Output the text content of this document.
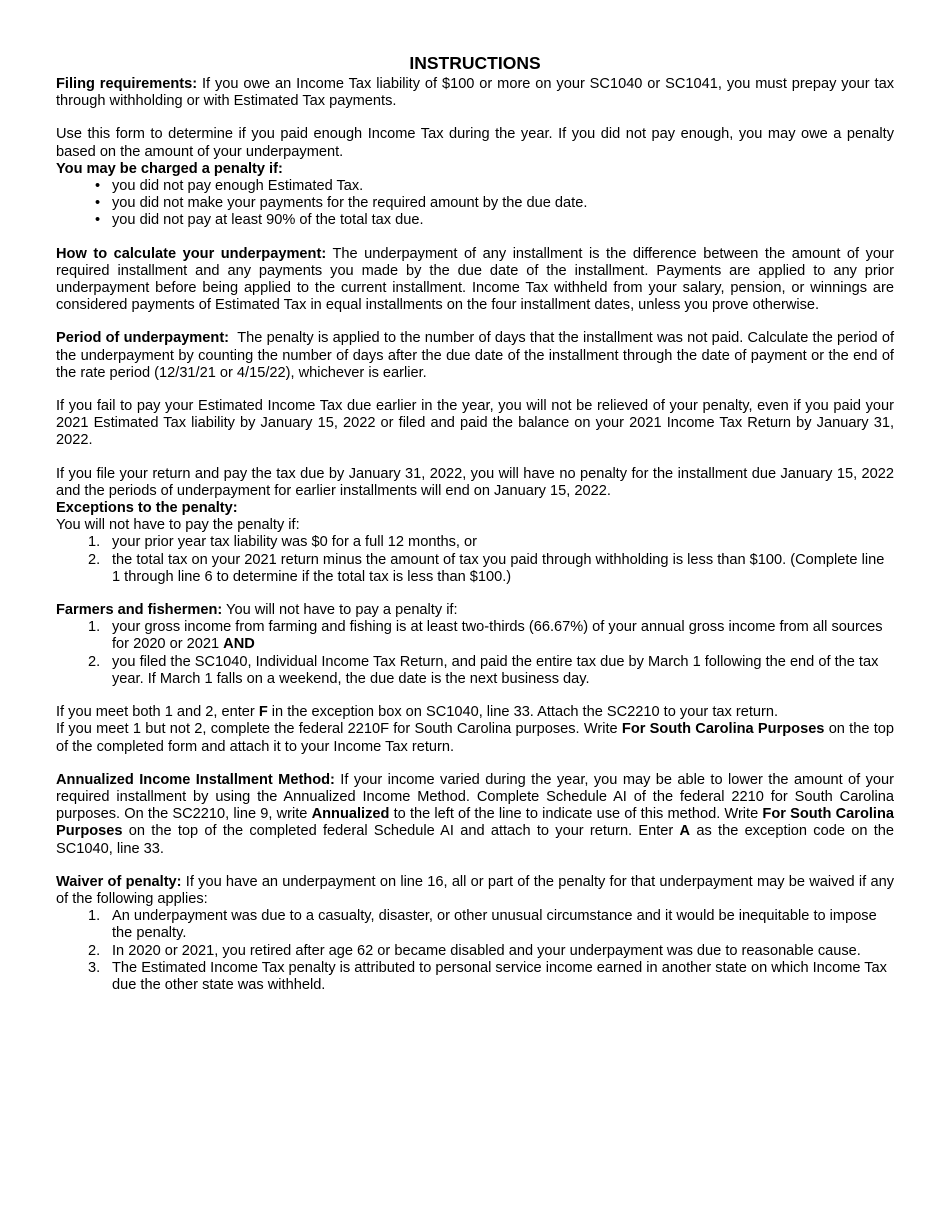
INSTRUCTIONS

Filing requirements: If you owe an Income Tax liability of $100 or more on your SC1040 or SC1041, you must prepay your tax through withholding or with Estimated Tax payments.

Use this form to determine if you paid enough Income Tax during the year. If you did not pay enough, you may owe a penalty based on the amount of your underpayment.

You may be charged a penalty if:

• you did not pay enough Estimated Tax.
• you did not make your payments for the required amount by the due date.
• you did not pay at least 90% of the total tax due.

How to calculate your underpayment: The underpayment of any installment is the difference between the amount of your required installment and any payments you made by the due date of the installment. Payments are applied to any prior underpayment before being applied to the current installment. Income Tax withheld from your salary, pension, or winnings are considered payments of Estimated Tax in equal installments on the four installment dates, unless you prove otherwise.

Period of underpayment:  The penalty is applied to the number of days that the installment was not paid. Calculate the period of the underpayment by counting the number of days after the due date of the installment through the date of payment or the end of the rate period (12/31/21 or 4/15/22), whichever is earlier.

If you fail to pay your Estimated Income Tax due earlier in the year, you will not be relieved of your penalty, even if you paid your 2021 Estimated Tax liability by January 15, 2022 or filed and paid the balance on your 2021 Income Tax Return by January 31, 2022.

If you file your return and pay the tax due by January 31, 2022, you will have no penalty for the installment due January 15, 2022 and the periods of underpayment for earlier installments will end on January 15, 2022.

Exceptions to the penalty:

You will not have to pay the penalty if:

1. your prior year tax liability was $0 for a full 12 months, or
2. the total tax on your 2021 return minus the amount of tax you paid through withholding is less than $100. (Complete line 1 through line 6 to determine if the total tax is less than $100.)

Farmers and fishermen: You will not have to pay a penalty if:

1. your gross income from farming and fishing is at least two-thirds (66.67%) of your annual gross income from all sources for 2020 or 2021 AND
2. you filed the SC1040, Individual Income Tax Return, and paid the entire tax due by March 1 following the end of the tax year. If March 1 falls on a weekend, the due date is the next business day.

If you meet both 1 and 2, enter F in the exception box on SC1040, line 33. Attach the SC2210 to your tax return.

If you meet 1 but not 2, complete the federal 2210F for South Carolina purposes. Write For South Carolina Purposes on the top of the completed form and attach it to your Income Tax return.

Annualized Income Installment Method: If your income varied during the year, you may be able to lower the amount of your required installment by using the Annualized Income Method. Complete Schedule AI of the federal 2210 for South Carolina purposes. On the SC2210, line 9, write Annualized to the left of the line to indicate use of this method. Write For South Carolina Purposes on the top of the completed federal Schedule AI and attach to your return. Enter A as the exception code on the SC1040, line 33.

Waiver of penalty: If you have an underpayment on line 16, all or part of the penalty for that underpayment may be waived if any of the following applies:

1. An underpayment was due to a casualty, disaster, or other unusual circumstance and it would be inequitable to impose the penalty.
2. In 2020 or 2021, you retired after age 62 or became disabled and your underpayment was due to reasonable cause.
3. The Estimated Income Tax penalty is attributed to personal service income earned in another state on which Income Tax due the other state was withheld.
